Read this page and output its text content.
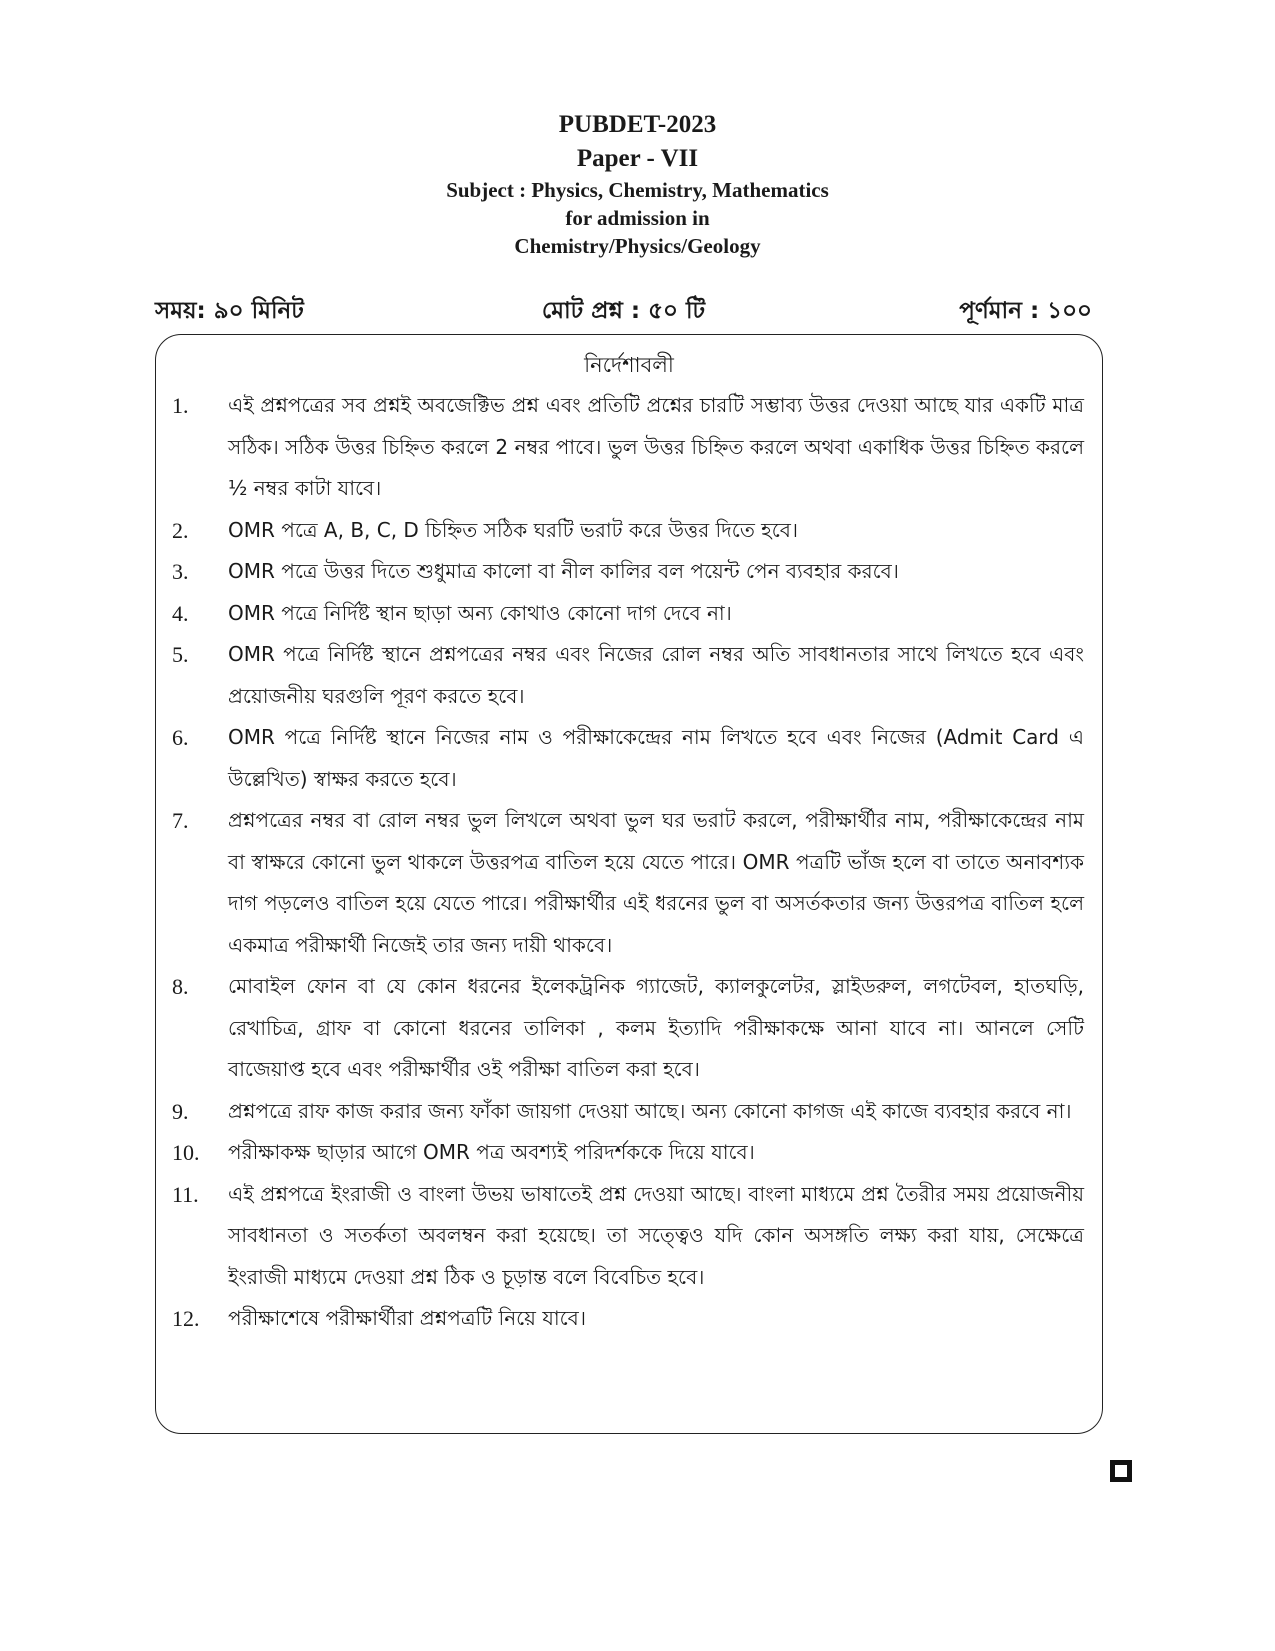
PUBDET-2023

Paper - VII

Subject : Physics, Chemistry, Mathematics

for admission in

Chemistry/Physics/Geology

সময়: ৯০ মিনিট	মোট প্রশ্ন : ৫০ টি	পূর্ণমান : ১০০
নির্দেশাবলী
1.	এই প্রশ্নপত্রের সব প্রশ্নই অবজেক্টিভ প্রশ্ন এবং প্রতিটি প্রশ্নের চারটি সম্ভাব্য উত্তর দেওয়া আছে যার একটি মাত্র সঠিক। সঠিক উত্তর চিহ্নিত করলে 2 নম্বর পাবে। ভুল উত্তর চিহ্নিত করলে অথবা একাধিক উত্তর চিহ্নিত করলে ½ নম্বর কাটা যাবে।
2.	OMR পত্রে A, B, C, D চিহ্নিত সঠিক ঘরটি ভরাট করে উত্তর দিতে হবে।
3.	OMR পত্রে উত্তর দিতে শুধুমাত্র কালো বা নীল কালির বল পয়েন্ট পেন ব্যবহার করবে।
4.	OMR পত্রে নির্দিষ্ট স্থান ছাড়া অন্য কোথাও কোনো দাগ দেবে না।
5.	OMR পত্রে নির্দিষ্ট স্থানে প্রশ্নপত্রের নম্বর এবং নিজের রোল নম্বর অতি সাবধানতার সাথে লিখতে হবে এবং প্রয়োজনীয় ঘরগুলি পূরণ করতে হবে।
6.	OMR পত্রে নির্দিষ্ট স্থানে নিজের নাম ও পরীক্ষাকেন্দ্রের নাম লিখতে হবে এবং নিজের (Admit Card এ উল্লেখিত) স্বাক্ষর করতে হবে।
7.	প্রশ্নপত্রের নম্বর বা রোল নম্বর ভুল লিখলে অথবা ভুল ঘর ভরাট করলে, পরীক্ষার্থীর নাম, পরীক্ষাকেন্দ্রের নাম বা স্বাক্ষরে কোনো ভুল থাকলে উত্তরপত্র বাতিল হয়ে যেতে পারে। OMR পত্রটি ভাঁজ হলে বা তাতে অনাবশ্যক দাগ পড়লেও বাতিল হয়ে যেতে পারে। পরীক্ষার্থীর এই ধরনের ভুল বা অসর্তকতার জন্য উত্তরপত্র বাতিল হলে একমাত্র পরীক্ষার্থী নিজেই তার জন্য দায়ী থাকবে।
8.	মোবাইল ফোন বা যে কোন ধরনের ইলেকট্রনিক গ্যাজেট, ক্যালকুলেটর, স্লাইডরুল, লগটেবল, হাতঘড়ি, রেখাচিত্র, গ্রাফ বা কোনো ধরনের তালিকা , কলম ইত্যাদি পরীক্ষাকক্ষে আনা যাবে না। আনলে সেটি বাজেয়াপ্ত হবে এবং পরীক্ষার্থীর ওই পরীক্ষা বাতিল করা হবে।
9.	প্রশ্নপত্রে রাফ কাজ করার জন্য ফাঁকা জায়গা দেওয়া আছে। অন্য কোনো কাগজ এই কাজে ব্যবহার করবে না।
10.	পরীক্ষাকক্ষ ছাড়ার আগে OMR পত্র অবশ্যই পরিদর্শককে দিয়ে যাবে।
11.	এই প্রশ্নপত্রে ইংরাজী ও বাংলা উভয় ভাষাতেই প্রশ্ন দেওয়া আছে। বাংলা মাধ্যমে প্রশ্ন তৈরীর সময় প্রয়োজনীয় সাবধানতা ও সতর্কতা অবলম্বন করা হয়েছে। তা সত্ত্বেও যদি কোন অসঙ্গতি লক্ষ্য করা যায়, সেক্ষেত্রে ইংরাজী মাধ্যমে দেওয়া প্রশ্ন ঠিক ও চূড়ান্ত বলে বিবেচিত হবে।
12.	পরীক্ষাশেষে পরীক্ষার্থীরা প্রশ্নপত্রটি নিয়ে যাবে।
